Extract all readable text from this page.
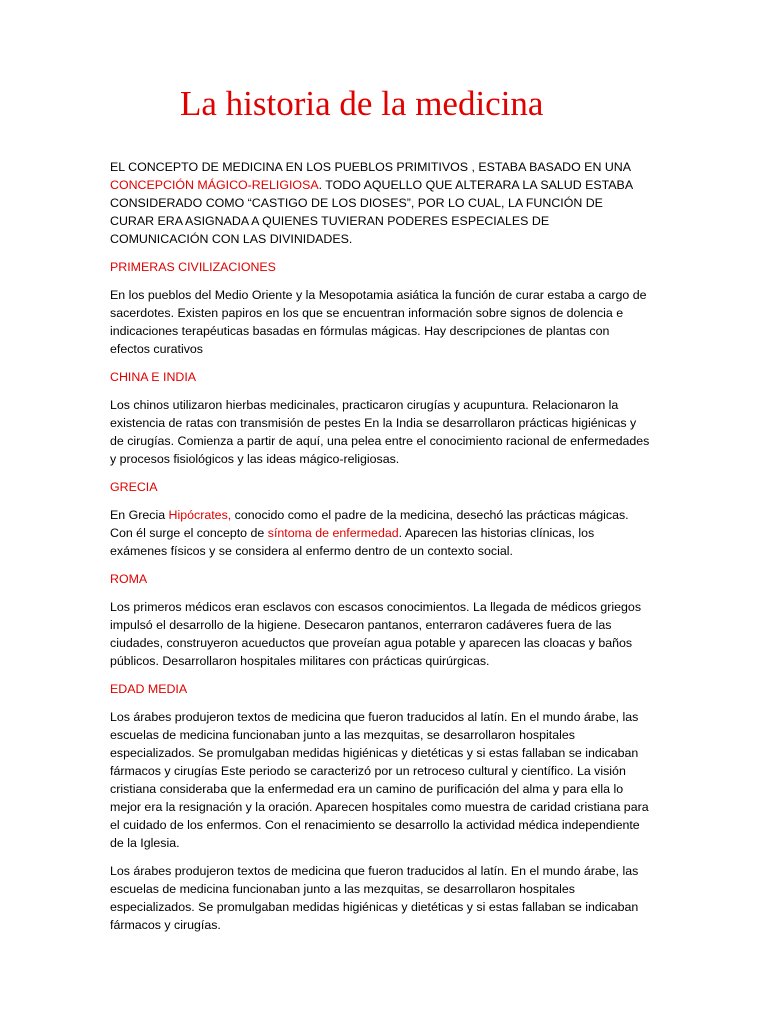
La historia de la medicina

EL CONCEPTO DE MEDICINA EN LOS PUEBLOS PRIMITIVOS , ESTABA BASADO EN UNA CONCEPCIÓN MÁGICO-RELIGIOSA. TODO AQUELLO QUE ALTERARA LA SALUD ESTABA CONSIDERADO COMO “CASTIGO DE LOS DIOSES”, POR LO CUAL, LA FUNCIÓN DE CURAR ERA ASIGNADA A QUIENES TUVIERAN PODERES ESPECIALES DE COMUNICACIÓN CON LAS DIVINIDADES.

PRIMERAS CIVILIZACIONES

En los pueblos del Medio Oriente y la Mesopotamia asiática la función de curar estaba a cargo de sacerdotes. Existen papiros en los que se encuentran información sobre signos de dolencia e indicaciones terapéuticas basadas en fórmulas mágicas. Hay descripciones de plantas con efectos curativos

CHINA E INDIA

Los chinos utilizaron hierbas medicinales, practicaron cirugías y acupuntura. Relacionaron la existencia de ratas con transmisión de pestes En la India se desarrollaron prácticas higiénicas y de cirugías. Comienza a partir de aquí, una pelea entre el conocimiento racional de enfermedades y procesos fisiológicos y las ideas mágico-religiosas.

GRECIA

En Grecia Hipócrates, conocido como el padre de la medicina, desechó las prácticas mágicas. Con él surge el concepto de síntoma de enfermedad. Aparecen las historias clínicas, los exámenes físicos y se considera al enfermo dentro de un contexto social.

ROMA

Los primeros médicos eran esclavos con escasos conocimientos. La llegada de médicos griegos impulsó el desarrollo de la higiene. Desecaron pantanos, enterraron cadáveres fuera de las ciudades, construyeron acueductos que proveían agua potable y aparecen las cloacas y baños públicos. Desarrollaron hospitales militares con prácticas quirúrgicas.

EDAD MEDIA

Los árabes produjeron textos de medicina que fueron traducidos al latín. En el mundo árabe, las escuelas de medicina funcionaban junto a las mezquitas, se desarrollaron hospitales especializados. Se promulgaban medidas higiénicas y dietéticas y si estas fallaban se indicaban fármacos y cirugías Este periodo se caracterizó por un retroceso cultural y científico. La visión cristiana consideraba que la enfermedad era un camino de purificación del alma y para ella lo mejor era la resignación y la oración. Aparecen hospitales como muestra de caridad cristiana para el cuidado de los enfermos. Con el renacimiento se desarrollo la actividad médica independiente de la Iglesia.

Los árabes produjeron textos de medicina que fueron traducidos al latín. En el mundo árabe, las escuelas de medicina funcionaban junto a las mezquitas, se desarrollaron hospitales especializados. Se promulgaban medidas higiénicas y dietéticas y si estas fallaban se indicaban fármacos y cirugías.
